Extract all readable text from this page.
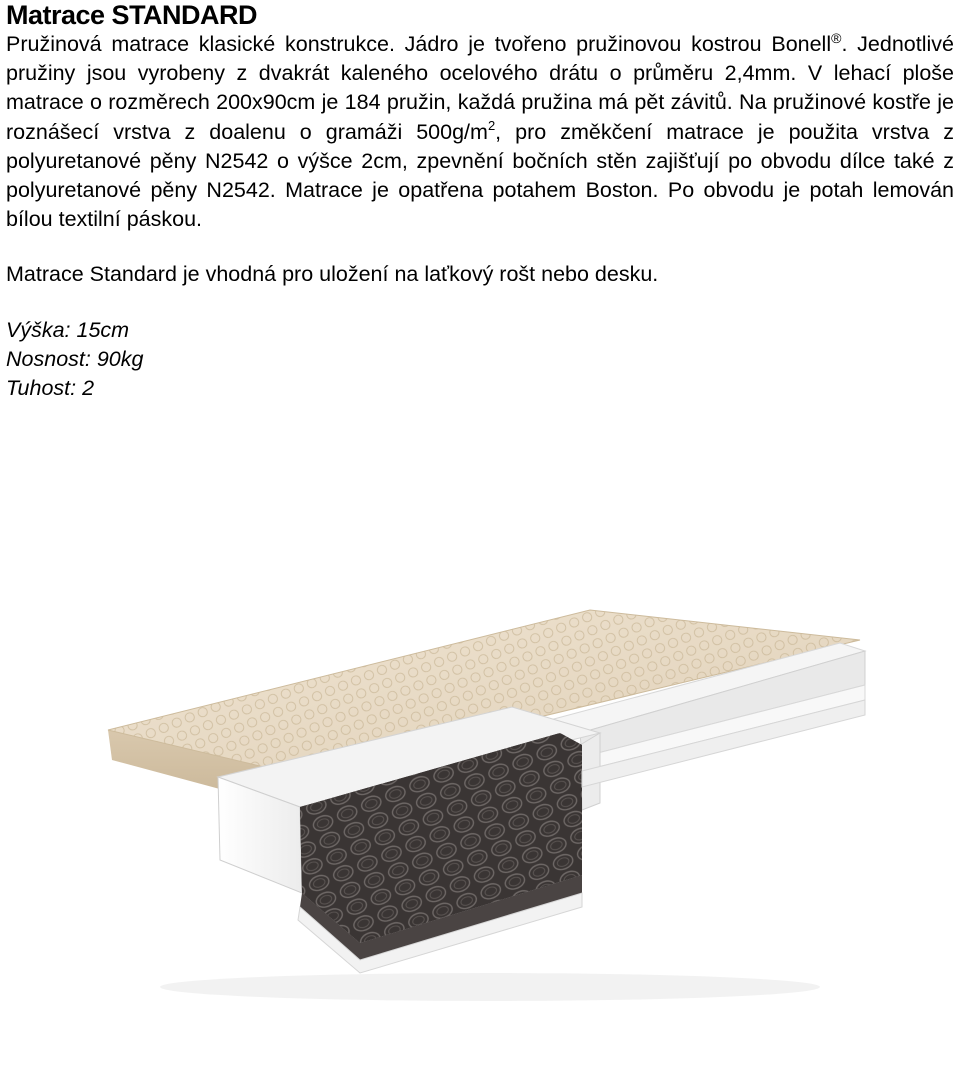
Matrace STANDARD

Pružinová matrace klasické konstrukce. Jádro je tvořeno pružinovou kostrou Bonell®. Jednotlivé pružiny jsou vyrobeny z dvakrát kaleného ocelového drátu o průměru 2,4mm. V lehací ploše matrace o rozměrech 200x90cm je 184 pružin, každá pružina má pět závitů. Na pružinové kostře je roznášecí vrstva z doalenu o gramáži $500g/m^2$, pro změkčení matrace je použita vrstva z polyuretanové pěny N2542 o výšce 2cm, zpevnění bočních stěn zajišťují po obvodu dílce také z polyuretanové pěny N2542. Matrace je opatřena potahem Boston. Po obvodu je potah lemován bílou textilní páskou.

Matrace Standard je vhodná pro uložení na laťkový rošt nebo desku.

Výška: 15cm
Nosnost: 90kg
Tuhost: 2
